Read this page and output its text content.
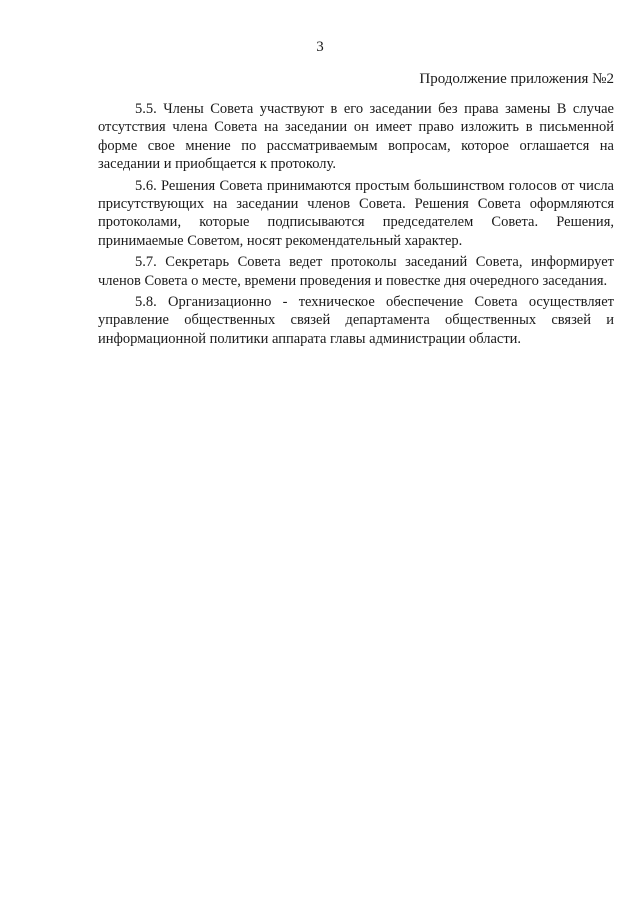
3
Продолжение приложения №2

5.5. Члены Совета участвуют в его заседании без права замены В случае отсутствия члена Совета на заседании он имеет право изложить в письменной форме свое мнение по рассматриваемым вопросам, которое оглашается на заседании и приобщается к протоколу.

5.6. Решения Совета принимаются простым большинством голосов от числа присутствующих на заседании членов Совета. Решения Совета оформляются протоколами, которые подписываются председателем Совета. Решения, принимаемые Советом, носят рекомендательный характер.

5.7. Секретарь Совета ведет протоколы заседаний Совета, информирует членов Совета о месте, времени проведения и повестке дня очередного заседания.

5.8. Организационно - техническое обеспечение Совета осуществляет управление общественных связей департамента общественных связей и информационной политики аппарата главы администрации области.
